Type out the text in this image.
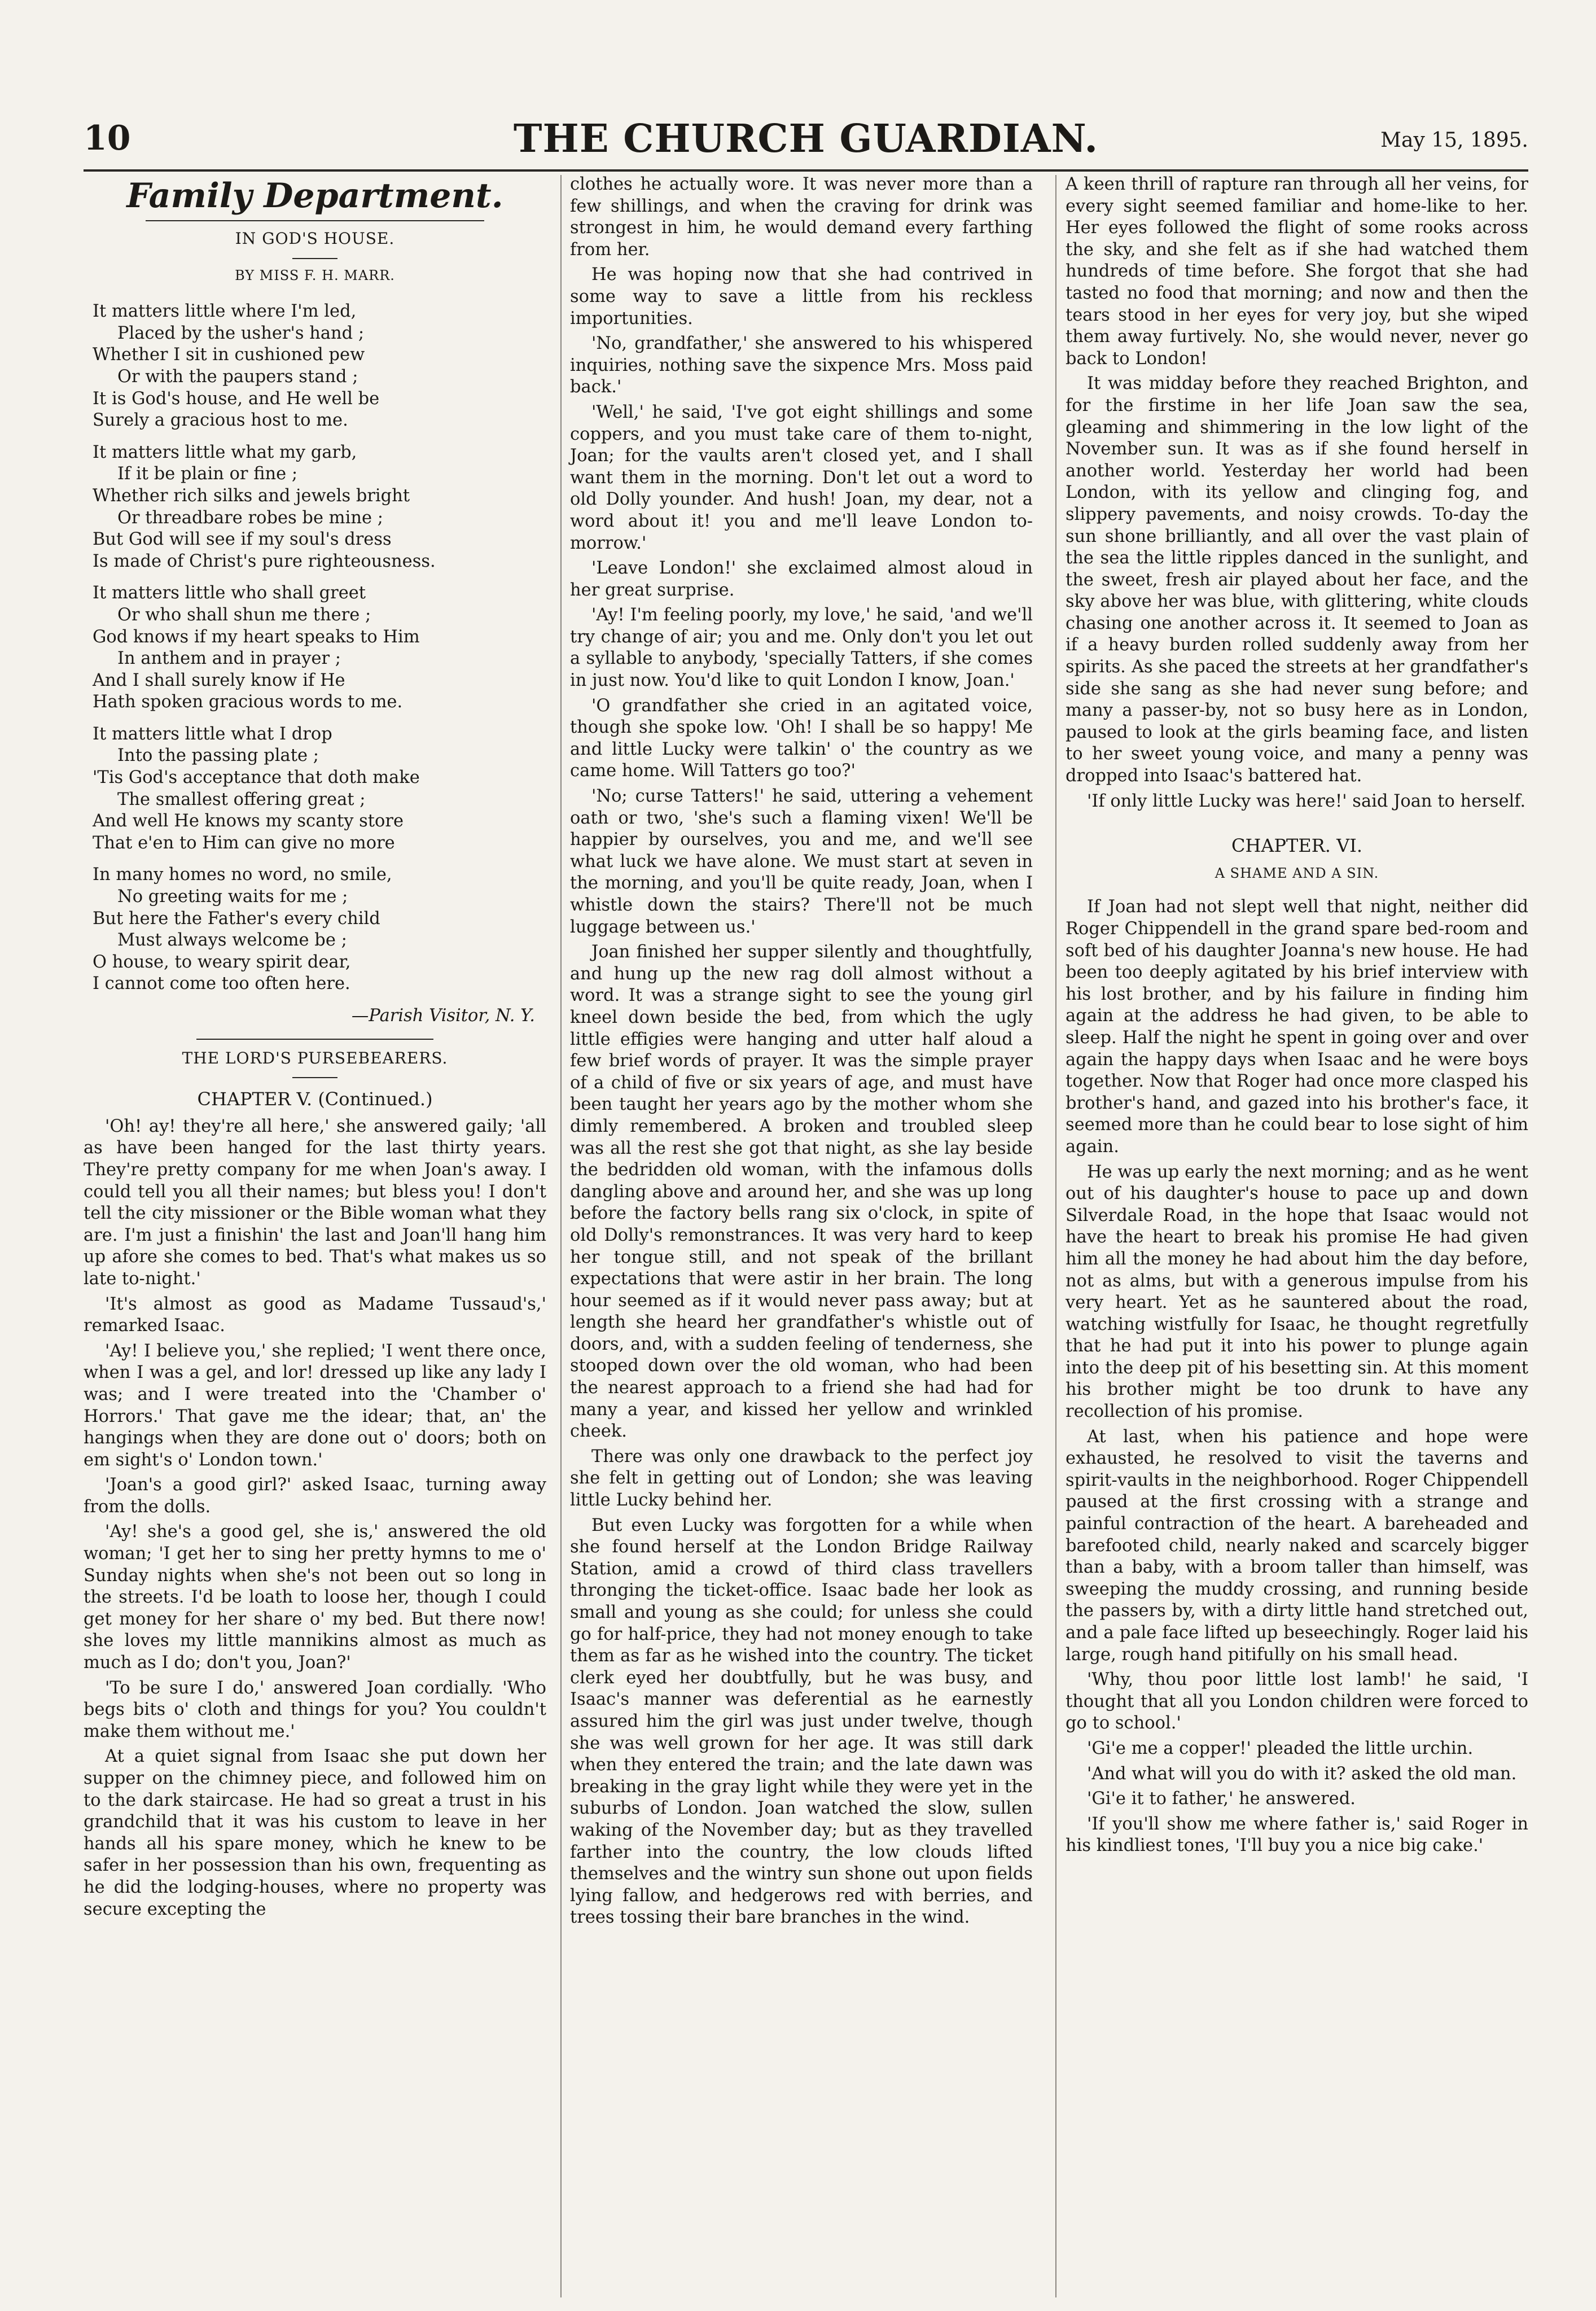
10	THE CHURCH GUARDIAN.	May 15, 1895.
Family Department.
IN GOD'S HOUSE.
BY MISS F. H. MARR.
It matters little where I'm led,
Placed by the usher's hand ;
Whether I sit in cushioned pew
Or with the paupers stand ;
It is God's house, and He well be
Surely a gracious host to me.
It matters little what my garb,
If it be plain or fine ;
Whether rich silks and jewels bright
Or threadbare robes be mine ;
But God will see if my soul's dress
Is made of Christ's pure righteousness.
It matters little who shall greet
Or who shall shun me there ;
God knows if my heart speaks to Him
In anthem and in prayer ;
And I shall surely know if He
Hath spoken gracious words to me.
It matters little what I drop
Into the passing plate ;
'Tis God's acceptance that doth make
The smallest offering great ;
And well He knows my scanty store
That e'en to Him can give no more
In many homes no word, no smile,
No greeting waits for me ;
But here the Father's every child
Must always welcome be ;
O house, to weary spirit dear,
I cannot come too often here.
—Parish Visitor, N. Y.
THE LORD'S PURSEBEARERS.
CHAPTER V. (Continued.)
'Oh! ay! they're all here,' she answered gaily; 'all as have been hanged for the last thirty years. They're pretty company for me when Joan's away. I could tell you all their names; but bless you! I don't tell the city missioner or the Bible woman what they are. I'm just a finishin' the last and Joan'll hang him up afore she comes to bed. That's what makes us so late to-night.'
'It's almost as good as Madame Tussaud's,' remarked Isaac.
'Ay! I believe you,' she replied; 'I went there once, when I was a gel, and lor! dressed up like any lady I was; and I were treated into the 'Chamber o' Horrors.' That gave me the idear; that, an' the hangings when they are done out o' doors; both on em sight's o' London town.'
'Joan's a good girl?' asked Isaac, turning away from the dolls.
'Ay! she's a good gel, she is,' answered the old woman; 'I get her to sing her pretty hymns to me o' Sunday nights when she's not been out so long in the streets. I'd be loath to loose her, though I could get money for her share o' my bed. But there now! she loves my little mannikins almost as much as much as I do; don't you, Joan?'
'To be sure I do,' answered Joan cordially. 'Who begs bits o' cloth and things for you? You couldn't make them without me.'
At a quiet signal from Isaac she put down her supper on the chimney piece, and followed him on to the dark staircase. He had so great a trust in his grandchild that it was his custom to leave in her hands all his spare money, which he knew to be safer in her possession than his own, frequenting as he did the lodging-houses, where no property was secure excepting the
clothes he actually wore. It was never more than a few shillings, and when the craving for drink was strongest in him, he would demand every farthing from her.
He was hoping now that she had contrived in some way to save a little from his reckless importunities.
'No, grandfather,' she answered to his whispered inquiries, nothing save the sixpence Mrs. Moss paid back.'
'Well,' he said, 'I've got eight shillings and some coppers, and you must take care of them to-night, Joan; for the vaults aren't closed yet, and I shall want them in the morning. Don't let out a word to old Dolly younder. And hush! Joan, my dear, not a word about it! you and me'll leave London to-morrow.'
'Leave London!' she exclaimed almost aloud in her great surprise.
'Ay! I'm feeling poorly, my love,' he said, 'and we'll try change of air; you and me. Only don't you let out a syllable to anybody, 'specially Tatters, if she comes in just now. You'd like to quit London I know, Joan.'
'O grandfather she cried in an agitated voice, though she spoke low. 'Oh! I shall be so happy! Me and little Lucky were talkin' o' the country as we came home. Will Tatters go too?'
'No; curse Tatters!' he said, uttering a vehement oath or two, 'she's such a flaming vixen! We'll be happier by ourselves, you and me, and we'll see what luck we have alone. We must start at seven in the morning, and you'll be quite ready, Joan, when I whistle down the stairs? There'll not be much luggage between us.'
Joan finished her supper silently and thoughtfully, and hung up the new rag doll almost without a word. It was a strange sight to see the young girl kneel down beside the bed, from which the ugly little effigies were hanging and utter half aloud a few brief words of prayer. It was the simple prayer of a child of five or six years of age, and must have been taught her years ago by the mother whom she dimly remembered. A broken and troubled sleep was all the rest she got that night, as she lay beside the bedridden old woman, with the infamous dolls dangling above and around her, and she was up long before the factory bells rang six o'clock, in spite of old Dolly's remonstrances. It was very hard to keep her tongue still, and not speak of the brillant expectations that were astir in her brain. The long hour seemed as if it would never pass away; but at length she heard her grandfather's whistle out of doors, and, with a sudden feeling of tenderness, she stooped down over the old woman, who had been the nearest approach to a friend she had had for many a year, and kissed her yellow and wrinkled cheek.
There was only one drawback to the perfect joy she felt in getting out of London; she was leaving little Lucky behind her.
But even Lucky was forgotten for a while when she found herself at the London Bridge Railway Station, amid a crowd of third class travellers thronging the ticket-office. Isaac bade her look as small and young as she could; for unless she could go for half-price, they had not money enough to take them as far as he wished into the country. The ticket clerk eyed her doubtfully, but he was busy, and Isaac's manner was deferential as he earnestly assured him the girl was just under twelve, though she was well grown for her age. It was still dark when they entered the train; and the late dawn was breaking in the gray light while they were yet in the suburbs of London. Joan watched the slow, sullen waking of the November day; but as they travelled farther into the country, the low clouds lifted themselves and the wintry sun shone out upon fields lying fallow, and hedgerows red with berries, and trees tossing their bare branches in the wind.
A keen thrill of rapture ran through all her veins, for every sight seemed familiar and home-like to her. Her eyes followed the flight of some rooks across the sky, and she felt as if she had watched them hundreds of time before. She forgot that she had tasted no food that morning; and now and then the tears stood in her eyes for very joy, but she wiped them away furtively. No, she would never, never go back to London!
It was midday before they reached Brighton, and for the firstime in her life Joan saw the sea, gleaming and shimmering in the low light of the November sun. It was as if she found herself in another world. Yesterday her world had been London, with its yellow and clinging fog, and slippery pavements, and noisy crowds. To-day the sun shone brilliantly, and all over the vast plain of the sea the little ripples danced in the sunlight, and the sweet, fresh air played about her face, and the sky above her was blue, with glittering, white clouds chasing one another across it. It seemed to Joan as if a heavy burden rolled suddenly away from her spirits. As she paced the streets at her grandfather's side she sang as she had never sung before; and many a passer-by, not so busy here as in London, paused to look at the girls beaming face, and listen to her sweet young voice, and many a penny was dropped into Isaac's battered hat.
'If only little Lucky was here!' said Joan to herself.
CHAPTER. VI.
A SHAME AND A SIN.
If Joan had not slept well that night, neither did Roger Chippendell in the grand spare bed-room and soft bed of his daughter Joanna's new house. He had been too deeply agitated by his brief interview with his lost brother, and by his failure in finding him again at the address he had given, to be able to sleep. Half the night he spent in going over and over again the happy days when Isaac and he were boys together. Now that Roger had once more clasped his brother's hand, and gazed into his brother's face, it seemed more than he could bear to lose sight of him again.
He was up early the next morning; and as he went out of his daughter's house to pace up and down Silverdale Road, in the hope that Isaac would not have the heart to break his promise He had given him all the money he had about him the day before, not as alms, but with a generous impulse from his very heart. Yet as he sauntered about the road, watching wistfully for Isaac, he thought regretfully that he had put it into his power to plunge again into the deep pit of his besetting sin. At this moment his brother might be too drunk to have any recollection of his promise.
At last, when his patience and hope were exhausted, he resolved to visit the taverns and spirit-vaults in the neighborhood. Roger Chippendell paused at the first crossing with a strange and painful contraction of the heart. A bareheaded and barefooted child, nearly naked and scarcely bigger than a baby, with a broom taller than himself, was sweeping the muddy crossing, and running beside the passers by, with a dirty little hand stretched out, and a pale face lifted up beseechingly. Roger laid his large, rough hand pitifully on his small head.
'Why, thou poor little lost lamb!' he said, 'I thought that all you London children were forced to go to school.'
'Gi'e me a copper!' pleaded the little urchin.
'And what will you do with it? asked the old man.
'Gi'e it to father,' he answered.
'If you'll show me where father is,' said Roger in his kindliest tones, 'I'll buy you a nice big cake.'
